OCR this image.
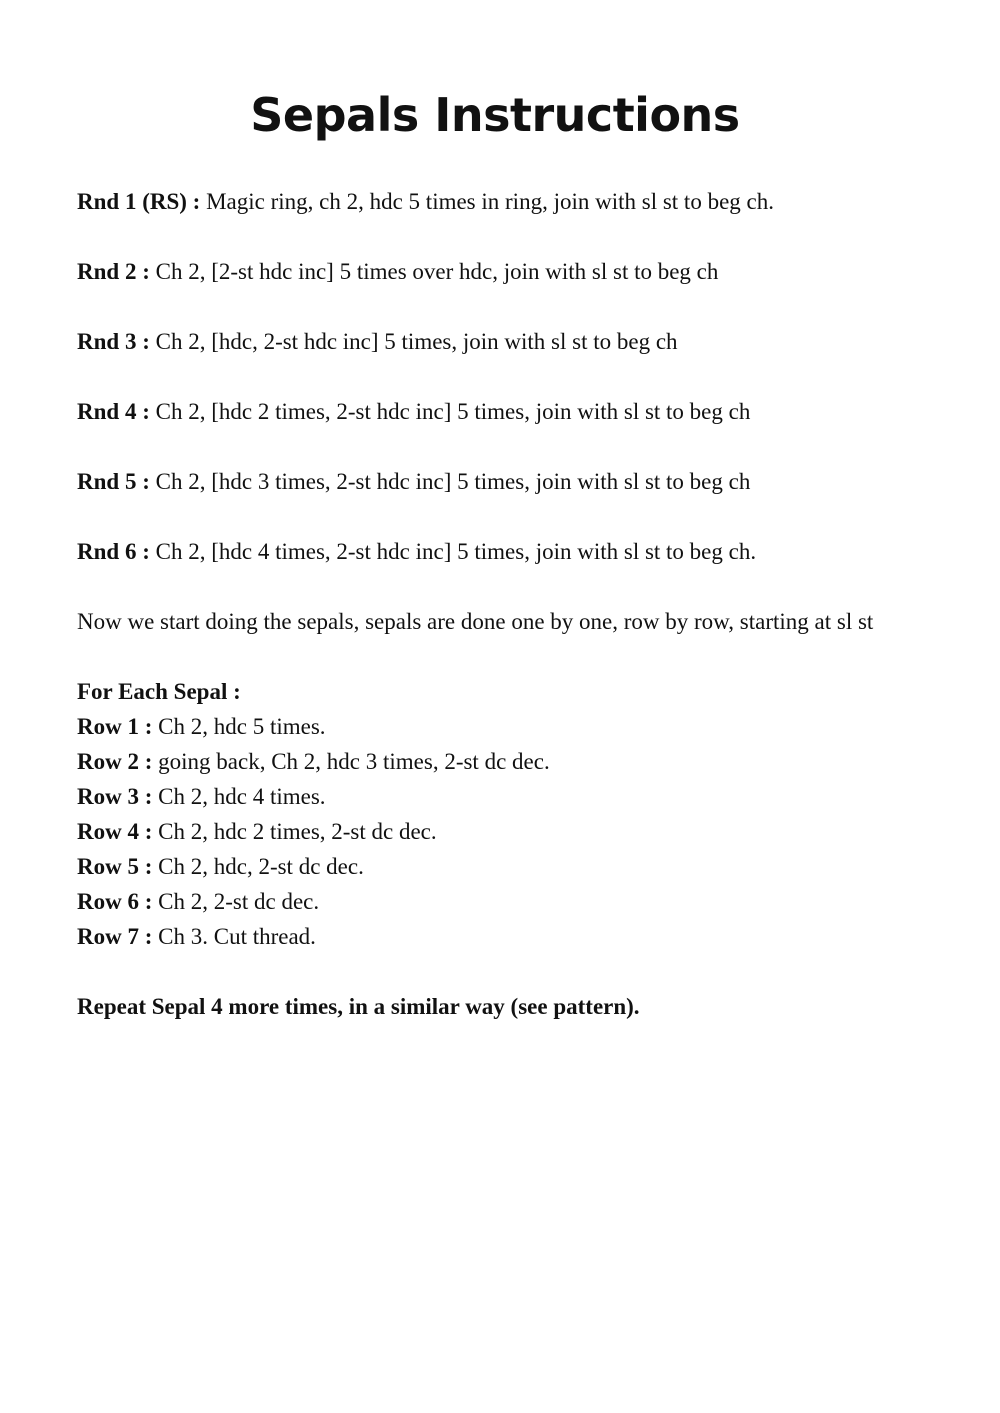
Sepals Instructions

Rnd 1 (RS) : Magic ring, ch 2, hdc 5 times in ring, join with sl st to beg ch.

Rnd 2 : Ch 2, [2-st hdc inc] 5 times over hdc, join with sl st to beg ch

Rnd 3 : Ch 2, [hdc, 2-st hdc inc] 5 times, join with sl st to beg ch

Rnd 4 : Ch 2, [hdc 2 times, 2-st hdc inc] 5 times, join with sl st to beg ch

Rnd 5 : Ch 2, [hdc 3 times, 2-st hdc inc] 5 times, join with sl st to beg ch

Rnd 6 : Ch 2, [hdc 4 times, 2-st hdc inc] 5 times, join with sl st to beg ch.

Now we start doing the sepals, sepals are done one by one, row by row, starting at sl st

For Each Sepal :

Row 1 : Ch 2, hdc 5 times.

Row 2 : going back, Ch 2, hdc 3 times, 2-st dc dec.

Row 3 : Ch 2, hdc 4 times.

Row 4 : Ch 2, hdc 2 times, 2-st dc dec.

Row 5 : Ch 2, hdc, 2-st dc dec.

Row 6 : Ch 2, 2-st dc dec.

Row 7 : Ch 3. Cut thread.

Repeat Sepal 4 more times, in a similar way (see pattern).
